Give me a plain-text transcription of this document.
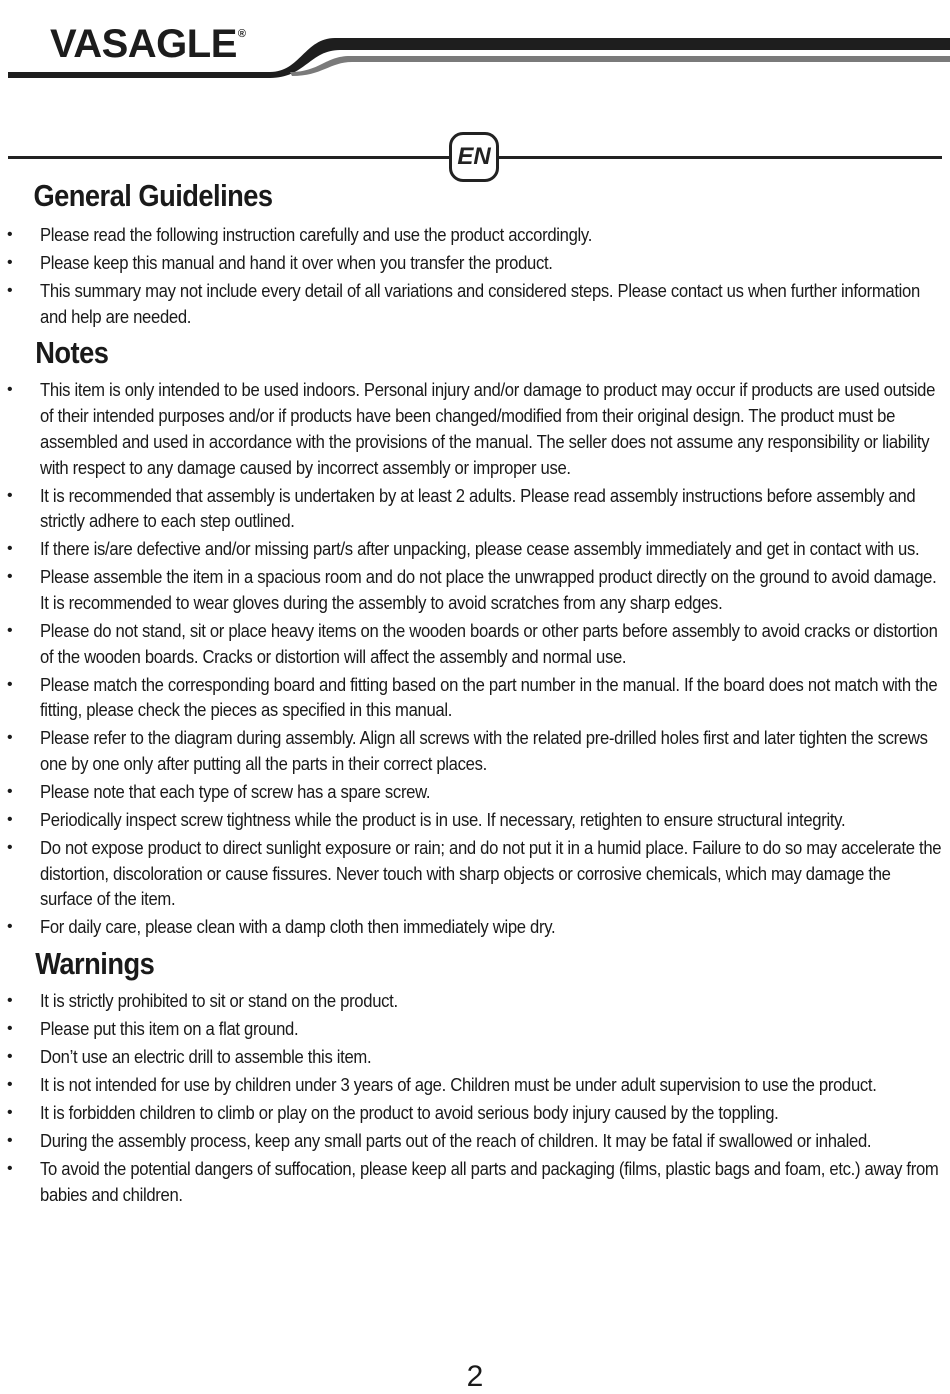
VASAGLE®
EN
General Guidelines
• Please read the following instruction carefully and use the product accordingly.
• Please keep this manual and hand it over when you transfer the product.
• This summary may not include every detail of all variations and considered steps. Please contact us when further information and help are needed.
Notes
• This item is only intended to be used indoors. Personal injury and/or damage to product may occur if products are used outside of their intended purposes and/or if products have been changed/modified from their original design. The product must be assembled and used in accordance with the provisions of the manual. The seller does not assume any responsibility or liability with respect to any damage caused by incorrect assembly or improper use.
• It is recommended that assembly is undertaken by at least 2 adults. Please read assembly instructions before assembly and strictly adhere to each step outlined.
• If there is/are defective and/or missing part/s after unpacking, please cease assembly immediately and get in contact with us.
• Please assemble the item in a spacious room and do not place the unwrapped product directly on the ground to avoid damage. It is recommended to wear gloves during the assembly to avoid scratches from any sharp edges.
• Please do not stand, sit or place heavy items on the wooden boards or other parts before assembly to avoid cracks or distortion of the wooden boards. Cracks or distortion will affect the assembly and normal use.
• Please match the corresponding board and fitting based on the part number in the manual. If the board does not match with the fitting, please check the pieces as specified in this manual.
• Please refer to the diagram during assembly. Align all screws with the related pre-drilled holes first and later tighten the screws one by one only after putting all the parts in their correct places.
• Please note that each type of screw has a spare screw.
• Periodically inspect screw tightness while the product is in use. If necessary, retighten to ensure structural integrity.
• Do not expose product to direct sunlight exposure or rain; and do not put it in a humid place. Failure to do so may accelerate the distortion, discoloration or cause fissures. Never touch with sharp objects or corrosive chemicals, which may damage the surface of the item.
• For daily care, please clean with a damp cloth then immediately wipe dry.
Warnings
• It is strictly prohibited to sit or stand on the product.
• Please put this item on a flat ground.
• Don’t use an electric drill to assemble this item.
• It is not intended for use by children under 3 years of age. Children must be under adult supervision to use the product.
• It is forbidden children to climb or play on the product to avoid serious body injury caused by the toppling.
• During the assembly process, keep any small parts out of the reach of children. It may be fatal if swallowed or inhaled.
• To avoid the potential dangers of suffocation, please keep all parts and packaging (films, plastic bags and foam, etc.) away from babies and children.
2
